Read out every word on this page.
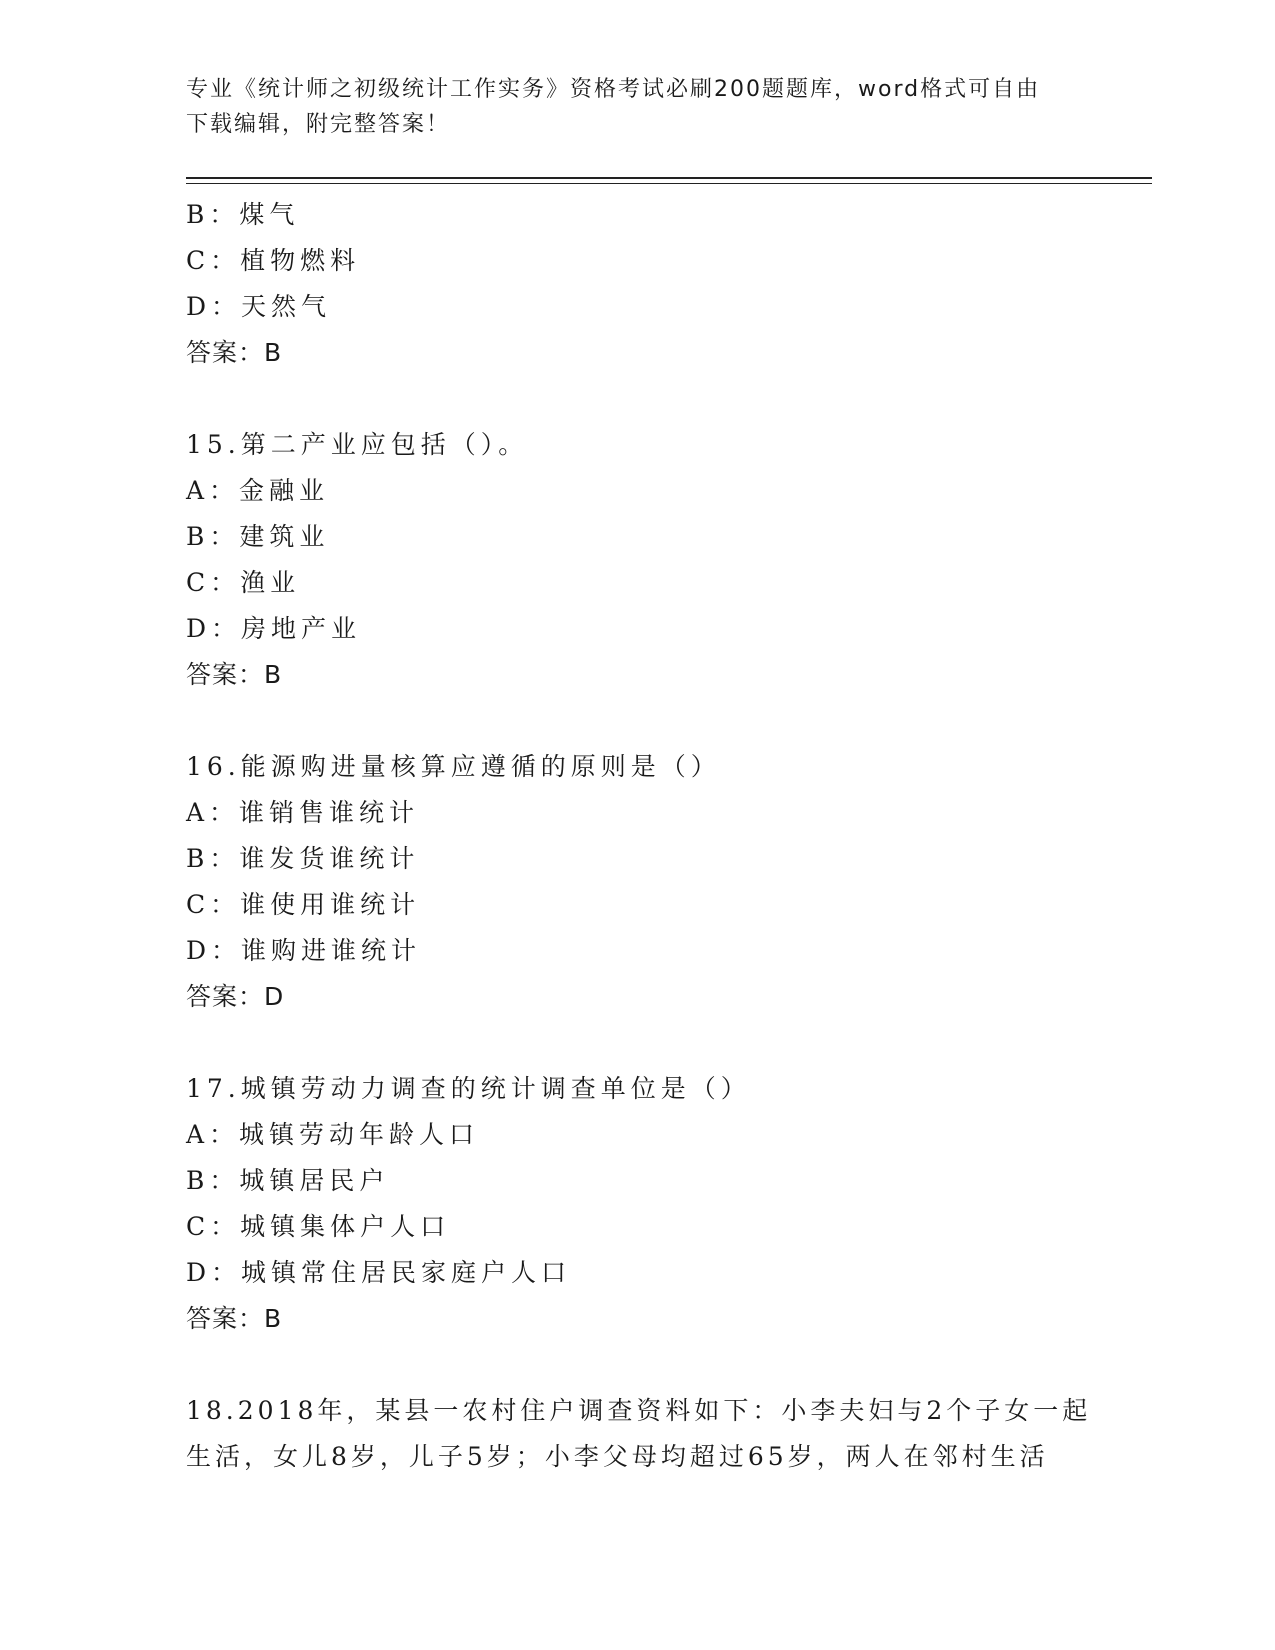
专业《统计师之初级统计工作实务》资格考试必刷200题题库，word格式可自由
下载编辑，附完整答案！
B：煤气
C：植物燃料
D：天然气
答案：B
15.第二产业应包括（）。
A：金融业
B：建筑业
C：渔业
D：房地产业
答案：B
16.能源购进量核算应遵循的原则是（）
A：谁销售谁统计
B：谁发货谁统计
C：谁使用谁统计
D：谁购进谁统计
答案：D
17.城镇劳动力调查的统计调查单位是（）
A：城镇劳动年龄人口
B：城镇居民户
C：城镇集体户人口
D：城镇常住居民家庭户人口
答案：B
18.2018年，某县一农村住户调查资料如下：小李夫妇与2个子女一起
生活，女儿8岁，儿子5岁；小李父母均超过65岁，两人在邻村生活
